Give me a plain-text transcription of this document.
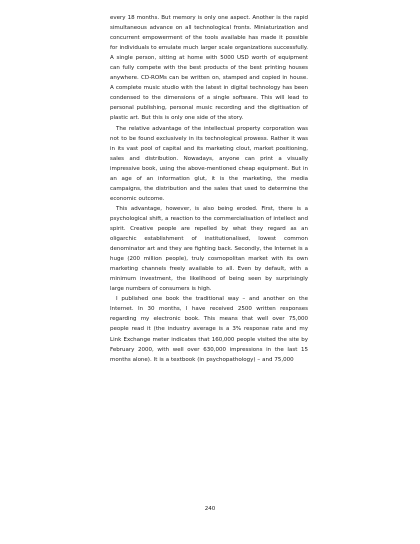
every 18 months. But memory is only one aspect. Another is the rapid simultaneous advance on all technological fronts. Miniaturization and concurrent empowerment of the tools available has made it possible for individuals to emulate much larger scale organizations successfully. A single person, sitting at home with 5000 USD worth of equipment can fully compete with the best products of the best printing houses anywhere. CD-ROMs can be written on, stamped and copied in house. A complete music studio with the latest in digital technology has been condensed to the dimensions of a single software. This will lead to personal publishing, personal music recording and the digitisation of plastic art. But this is only one side of the story.

The relative advantage of the intellectual property corporation was not to be found exclusively in its technological prowess. Rather it was in its vast pool of capital and its marketing clout, market positioning, sales and distribution. Nowadays, anyone can print a visually impressive book, using the above-mentioned cheap equipment. But in an age of an information glut, it is the marketing, the media campaigns, the distribution and the sales that used to determine the economic outcome.

This advantage, however, is also being eroded. First, there is a psychological shift, a reaction to the commercialisation of intellect and spirit. Creative people are repelled by what they regard as an oligarchic establishment of institutionalised, lowest common denominator art and they are fighting back. Secondly, the Internet is a huge (200 million people), truly cosmopolitan market with its own marketing channels freely available to all. Even by default, with a minimum investment, the likelihood of being seen by surprisingly large numbers of consumers is high.

I published one book the traditional way – and another on the Internet. In 30 months, I have received 2500 written responses regarding my electronic book. This means that well over 75,000 people read it (the industry average is a 3% response rate and my Link Exchange meter indicates that 160,000 people visited the site by February 2000, with well over 630,000 impressions in the last 15 months alone). It is a textbook (in psychopathology) – and 75,000

240
